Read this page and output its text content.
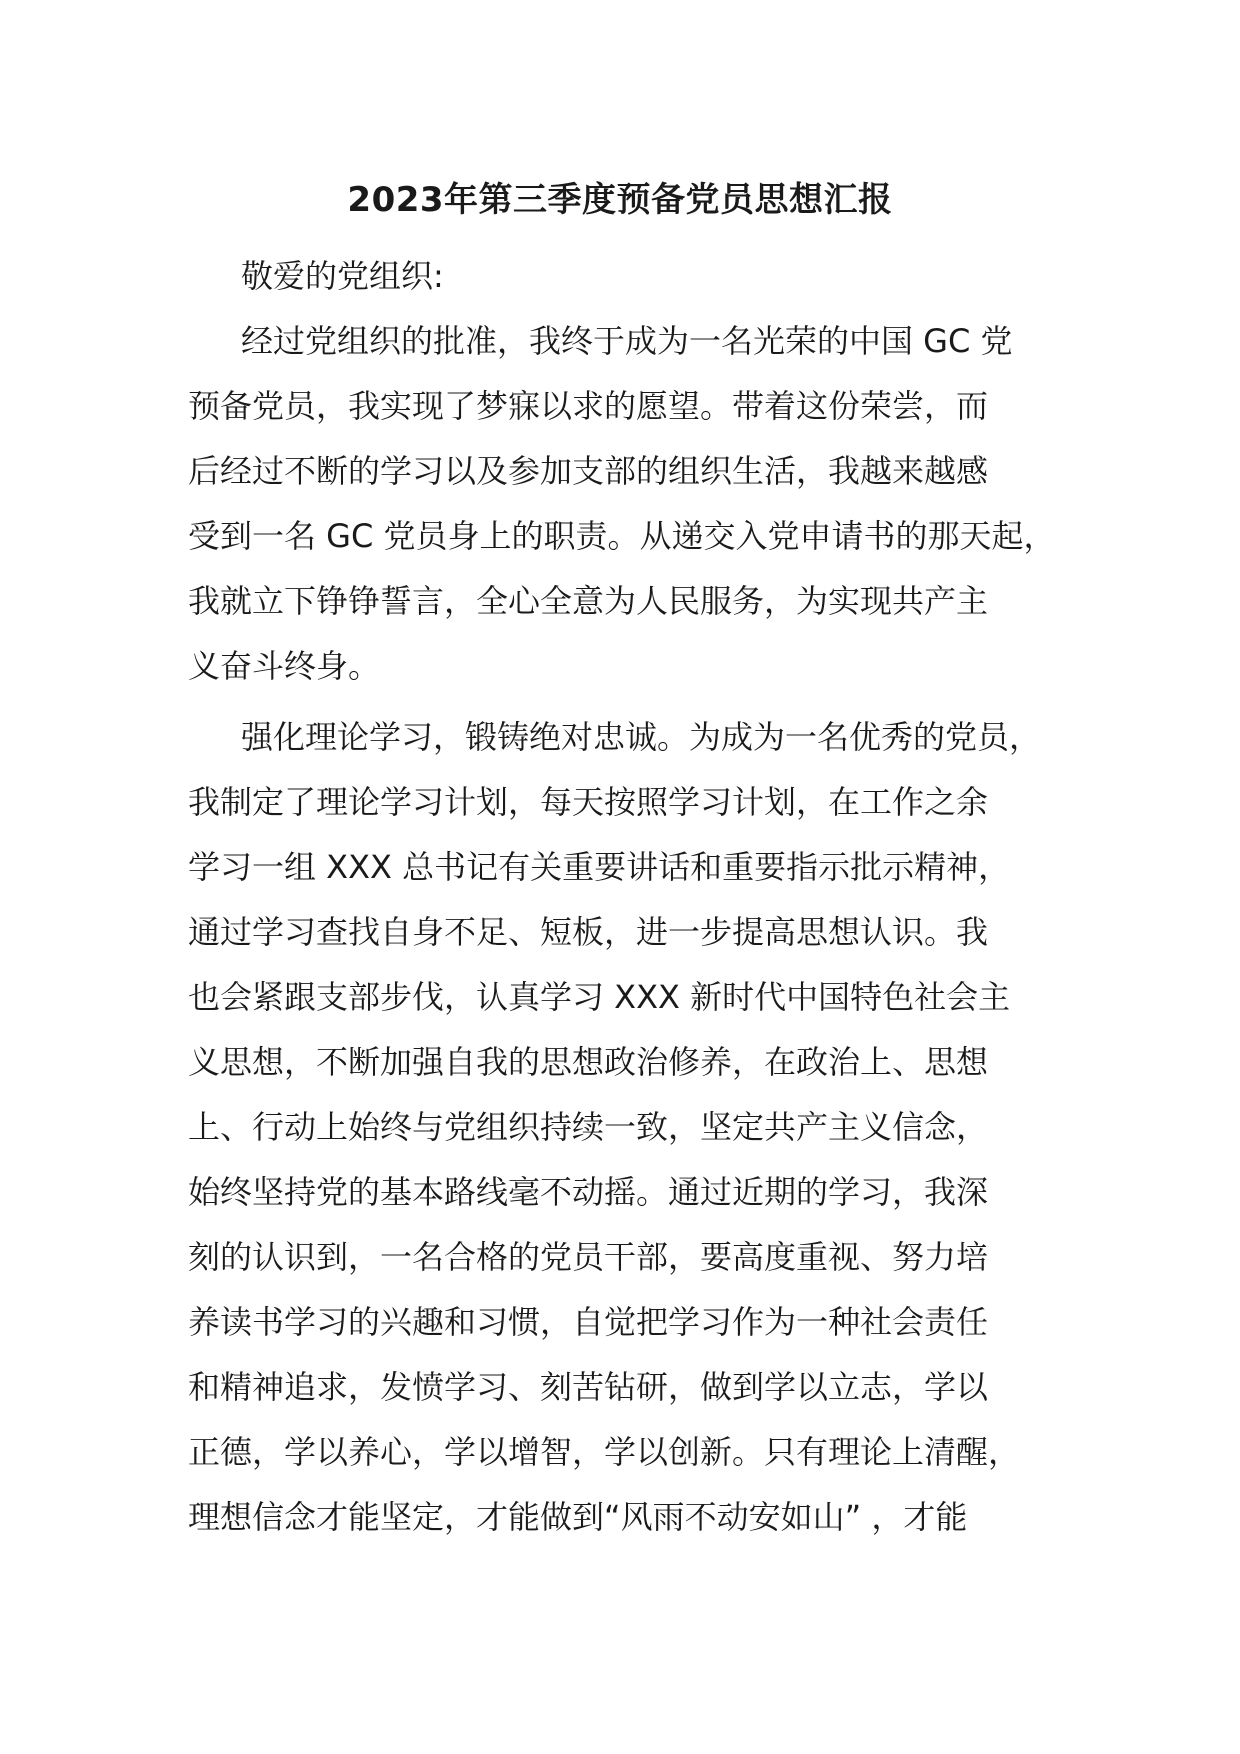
2023年第三季度预备党员思想汇报
敬爱的党组织:
经过党组织的批准，我终于成为一名光荣的中国 GC 党
预备党员，我实现了梦寐以求的愿望。带着这份荣尝，而
后经过不断的学习以及参加支部的组织生活，我越来越感
受到一名 GC 党员身上的职责。从递交入党申请书的那天起，
我就立下铮铮誓言，全心全意为人民服务，为实现共产主
义奋斗终身。
强化理论学习，锻铸绝对忠诚。为成为一名优秀的党员，
我制定了理论学习计划，每天按照学习计划，在工作之余
学习一组 XXX 总书记有关重要讲话和重要指示批示精神，
通过学习查找自身不足、短板，进一步提高思想认识。我
也会紧跟支部步伐，认真学习 XXX 新时代中国特色社会主
义思想，不断加强自我的思想政治修养，在政治上、思想
上、行动上始终与党组织持续一致，坚定共产主义信念，
始终坚持党的基本路线毫不动摇。通过近期的学习，我深
刻的认识到，一名合格的党员干部，要高度重视、努力培
养读书学习的兴趣和习惯，自觉把学习作为一种社会责任
和精神追求，发愤学习、刻苦钻研，做到学以立志，学以
正德，学以养心，学以增智，学以创新。只有理论上清醒，
理想信念才能坚定，才能做到“风雨不动安如山” ，才能
